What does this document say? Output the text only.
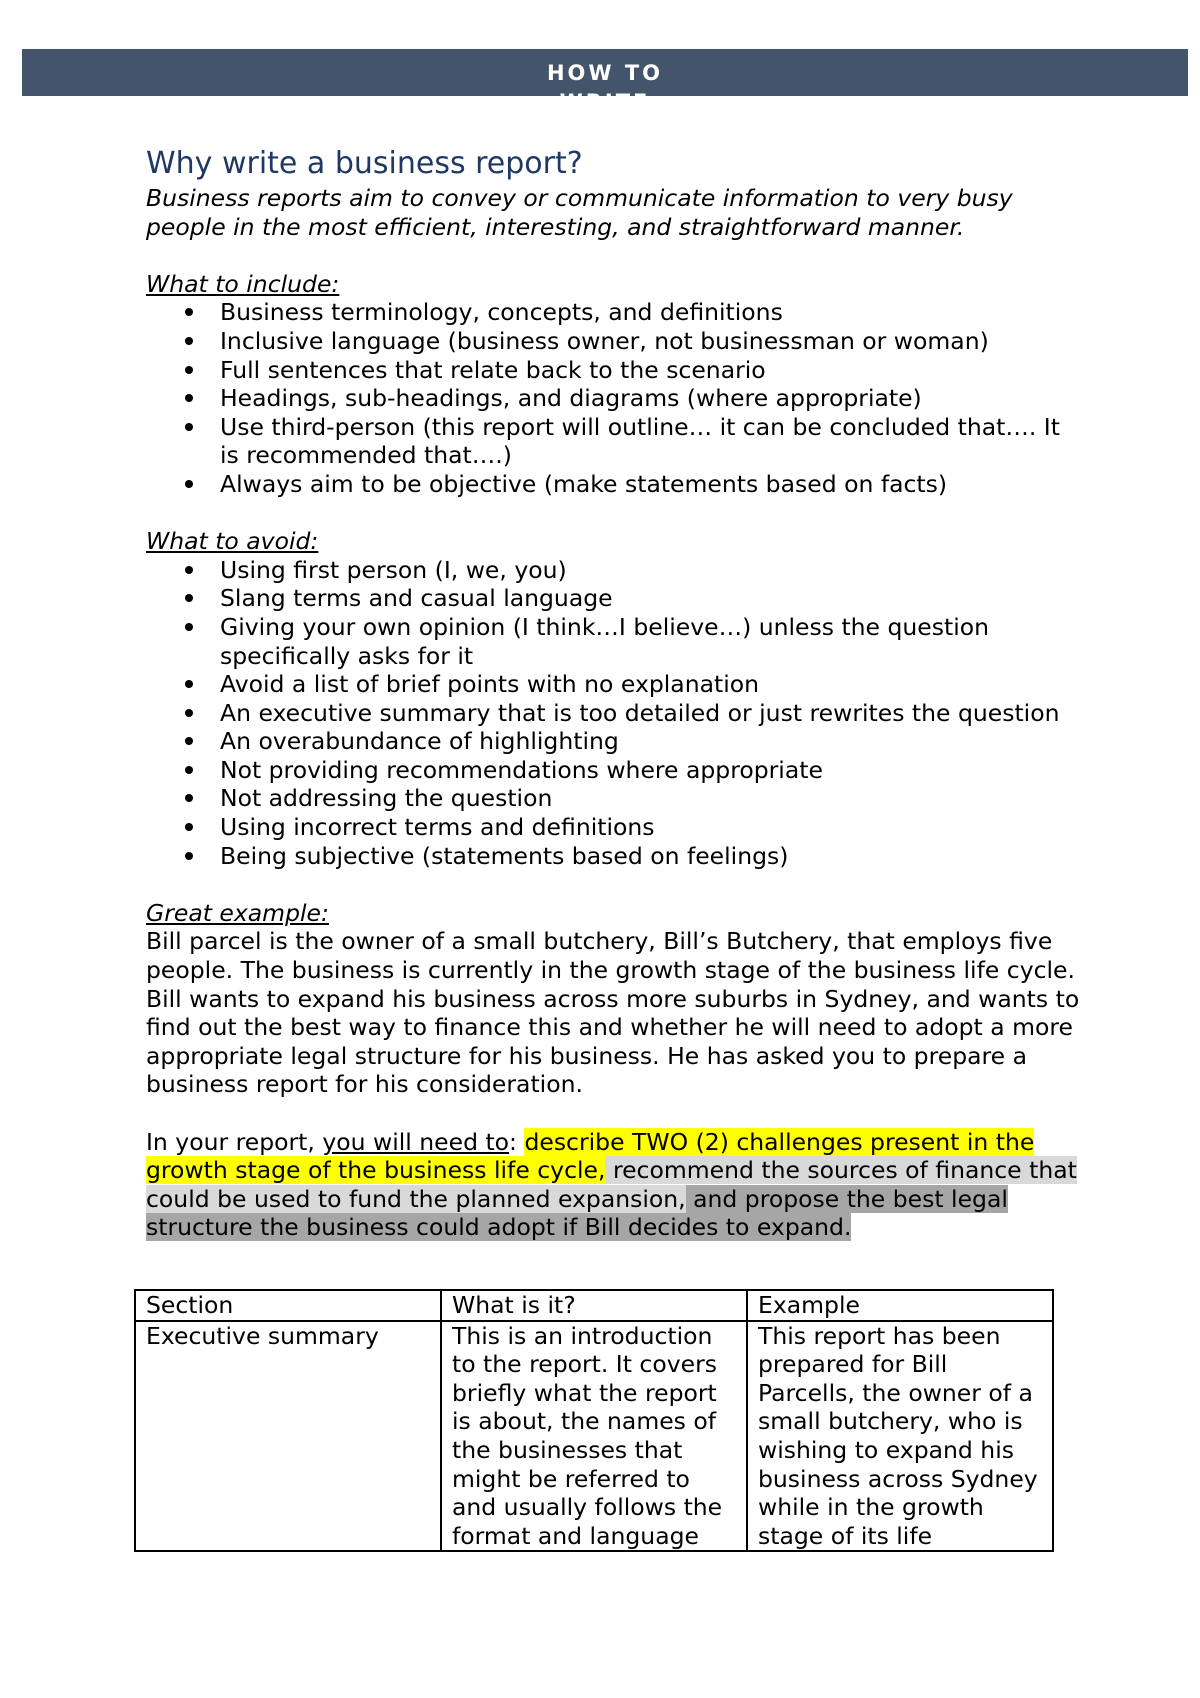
HOW TO WRITE A
Why write a business report?

Business reports aim to convey or communicate information to very busy people in the most efficient, interesting, and straightforward manner.

What to include:

Business terminology, concepts, and definitions
Inclusive language (business owner, not businessman or woman)
Full sentences that relate back to the scenario
Headings, sub-headings, and diagrams (where appropriate)
Use third-person (this report will outline… it can be concluded that…. It is recommended that….)
Always aim to be objective (make statements based on facts)

What to avoid:

Using first person (I, we, you)
Slang terms and casual language
Giving your own opinion (I think…I believe…) unless the question specifically asks for it
Avoid a list of brief points with no explanation
An executive summary that is too detailed or just rewrites the question
An overabundance of highlighting
Not providing recommendations where appropriate
Not addressing the question
Using incorrect terms and definitions
Being subjective (statements based on feelings)

Great example:

Bill parcel is the owner of a small butchery, Bill’s Butchery, that employs five people. The business is currently in the growth stage of the business life cycle. Bill wants to expand his business across more suburbs in Sydney, and wants to find out the best way to finance this and whether he will need to adopt a more appropriate legal structure for his business. He has asked you to prepare a business report for his consideration.

In your report, you will need to: describe TWO (2) challenges present in the growth stage of the business life cycle, recommend the sources of finance that could be used to fund the planned expansion, and propose the best legal structure the business could adopt if Bill decides to expand.

Section	What is it?	Example

Executive summary	This is an introduction to the report. It covers briefly what the report is about, the names of the businesses that might be referred to and usually follows the format and language	This report has been prepared for Bill Parcells, the owner of a small butchery, who is wishing to expand his business across Sydney while in the growth stage of its life
